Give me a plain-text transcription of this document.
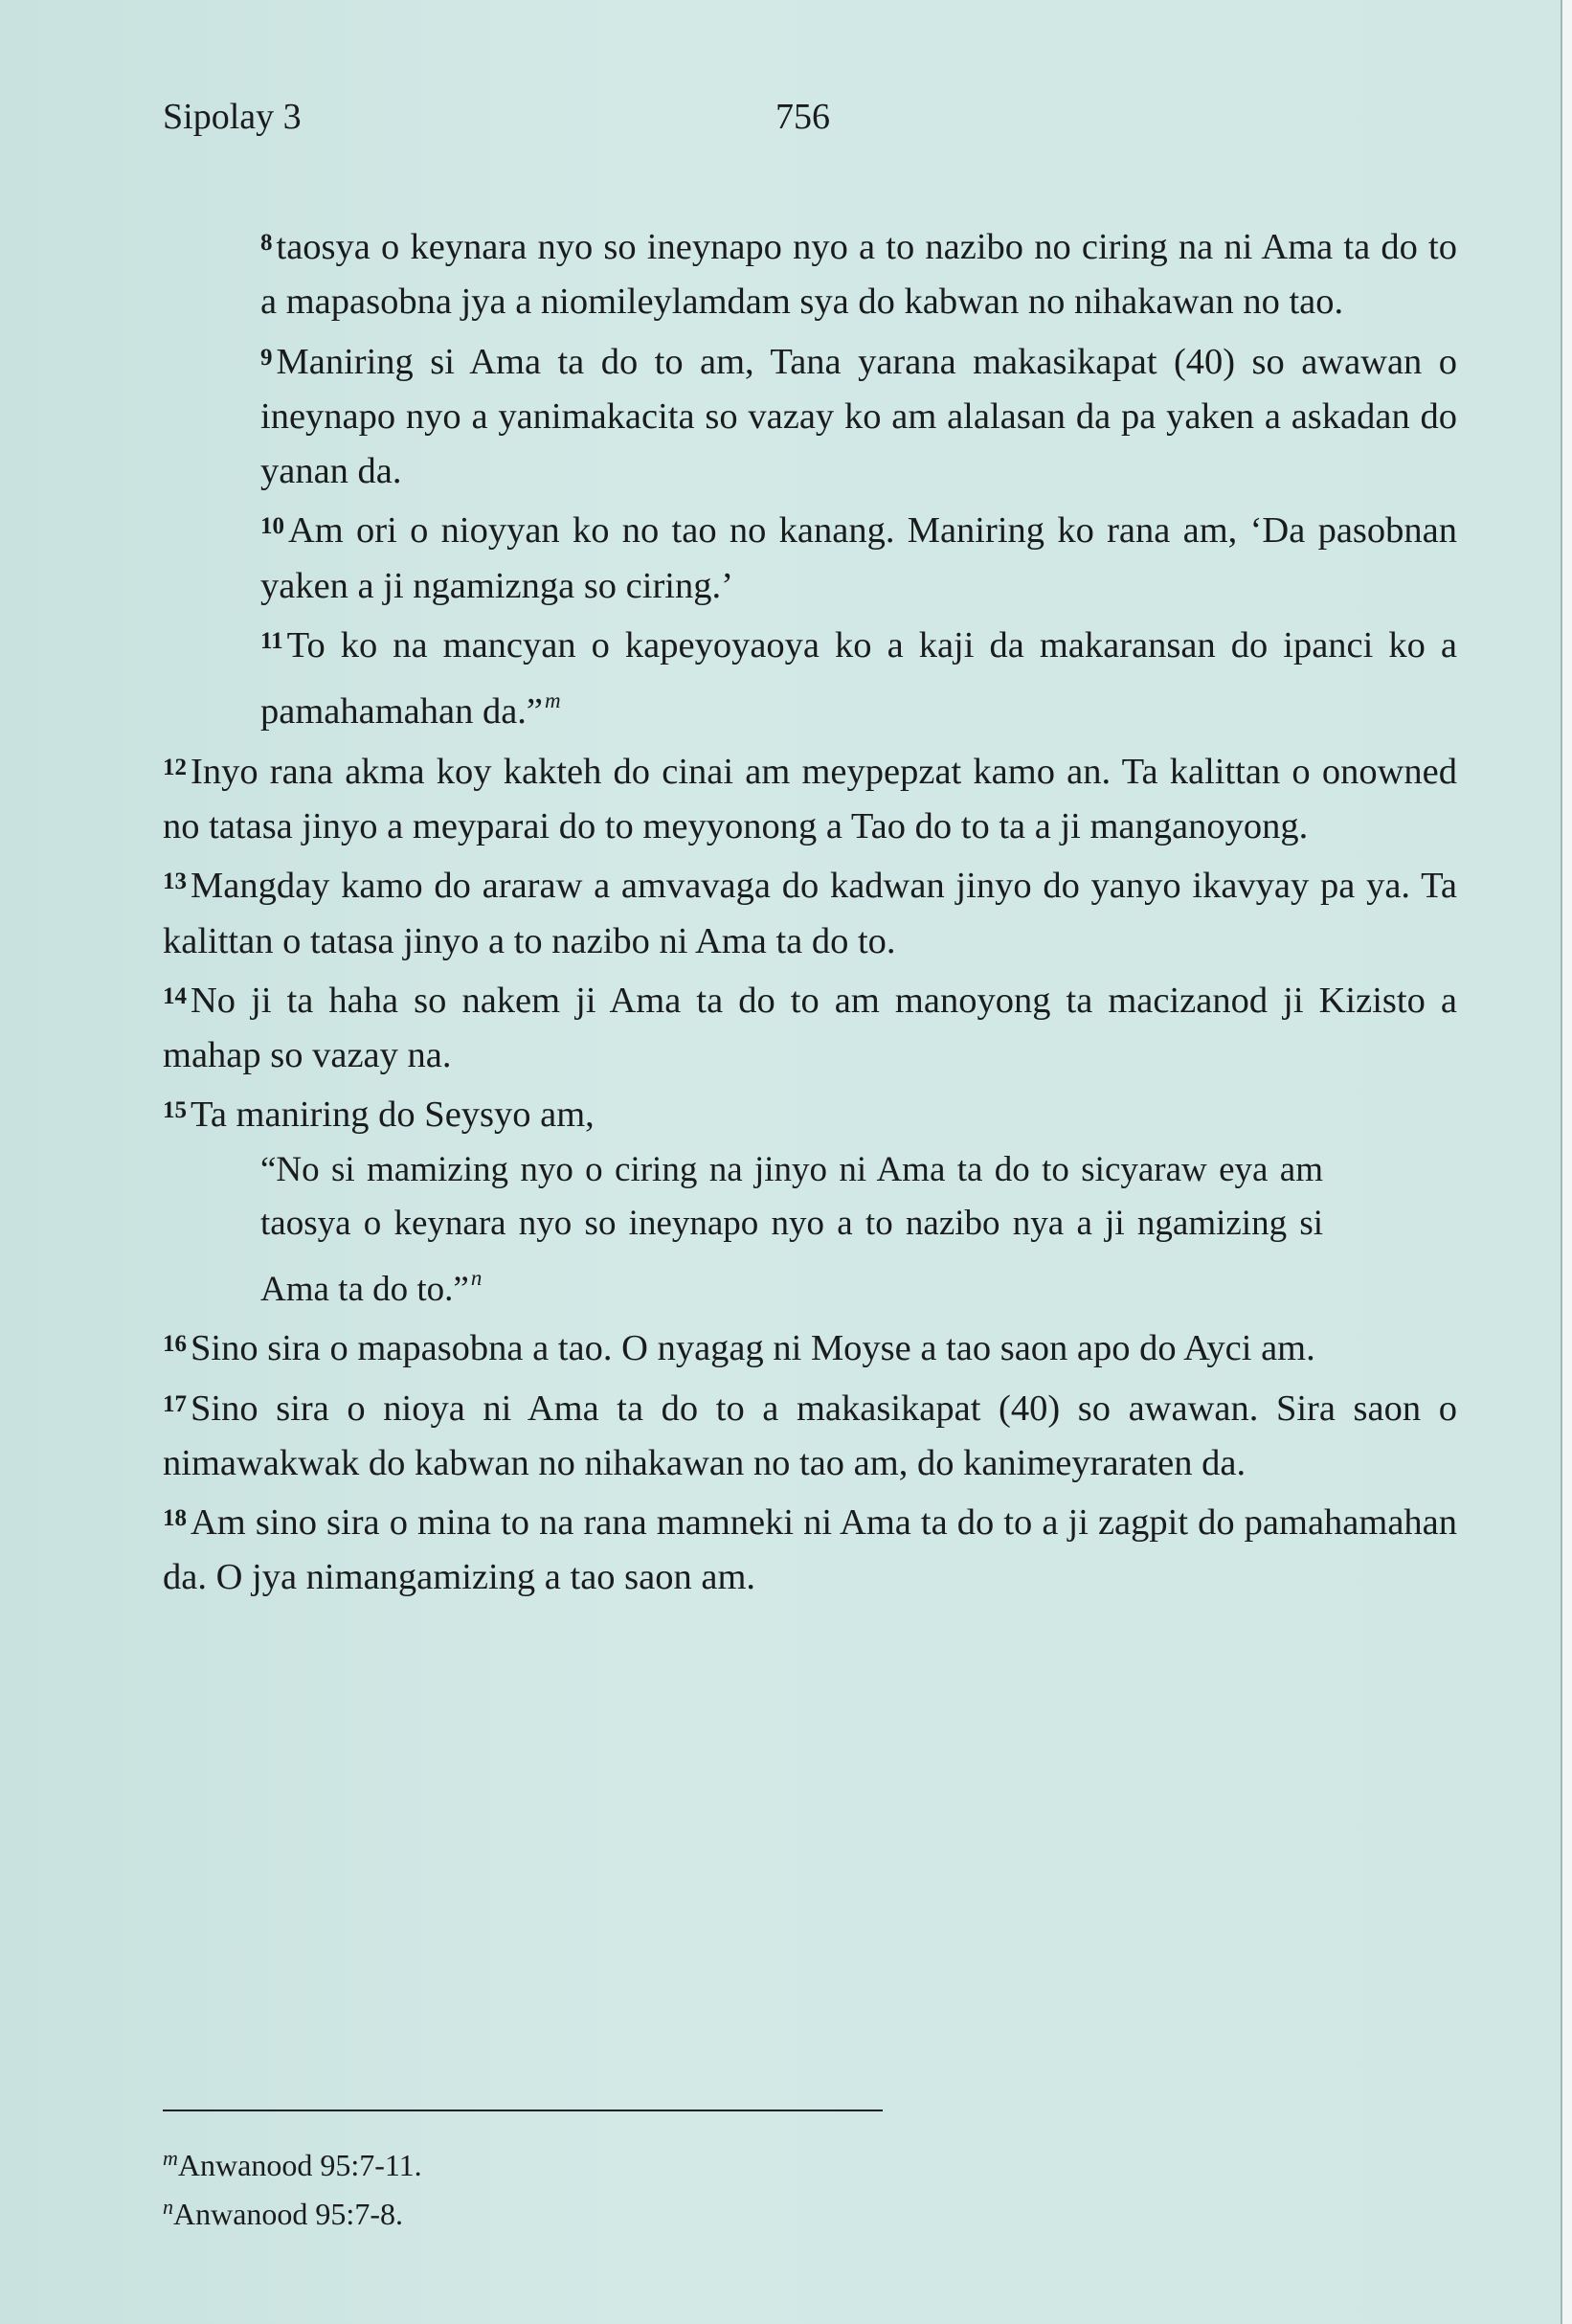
Sipolay 3	756

$^8$ taosya o keynara nyo so ineynapo nyo a to nazibo no ciring na ni Ama ta do to a mapasobna jya a niomileylamdam sya do kabwan no nihakawan no tao.

$^9$ Maniring si Ama ta do to am, Tana yarana makasikapat (40) so awawan o ineynapo nyo a yanimakacita so vazay ko am alalasan da pa yaken a askadan do yanan da.

$^{10}$ Am ori o nioyyan ko no tao no kanang. Maniring ko rana am, ‘Da pasobnan yaken a ji ngamiznga so ciring.’

$^{11}$ To ko na mancyan o kapeyoyaoya ko a kaji da makaransan do ipanci ko a pamahamahan da.”$^m$

$^{12}$ Inyo rana akma koy kakteh do cinai am meypepzat kamo an. Ta kalittan o onowned no tatasa jinyo a meyparai do to meyyonong a Tao do to ta a ji manganoyong.

$^{13}$ Mangday kamo do araraw a amvavaga do kadwan jinyo do yanyo ikavyay pa ya. Ta kalittan o tatasa jinyo a to nazibo ni Ama ta do to.

$^{14}$ No ji ta haha so nakem ji Ama ta do to am manoyong ta macizanod ji Kizisto a mahap so vazay na.

$^{15}$ Ta maniring do Seysyo am,

“No si mamizing nyo o ciring na jinyo ni Ama ta do to sicyaraw eya am taosya o keynara nyo so ineynapo nyo a to nazibo nya a ji ngamizing si Ama ta do to.”$^n$

$^{16}$ Sino sira o mapasobna a tao. O nyagag ni Moyse a tao saon apo do Ayci am.

$^{17}$ Sino sira o nioya ni Ama ta do to a makasikapat (40) so awawan. Sira saon o nimawakwak do kabwan no nihakawan no tao am, do kanimeyraraten da.

$^{18}$ Am sino sira o mina to na rana mamneki ni Ama ta do to a ji zagpit do pamahamahan da. O jya nimangamizing a tao saon am.

$^m$Anwanood 95:7-11.
$^n$Anwanood 95:7-8.
